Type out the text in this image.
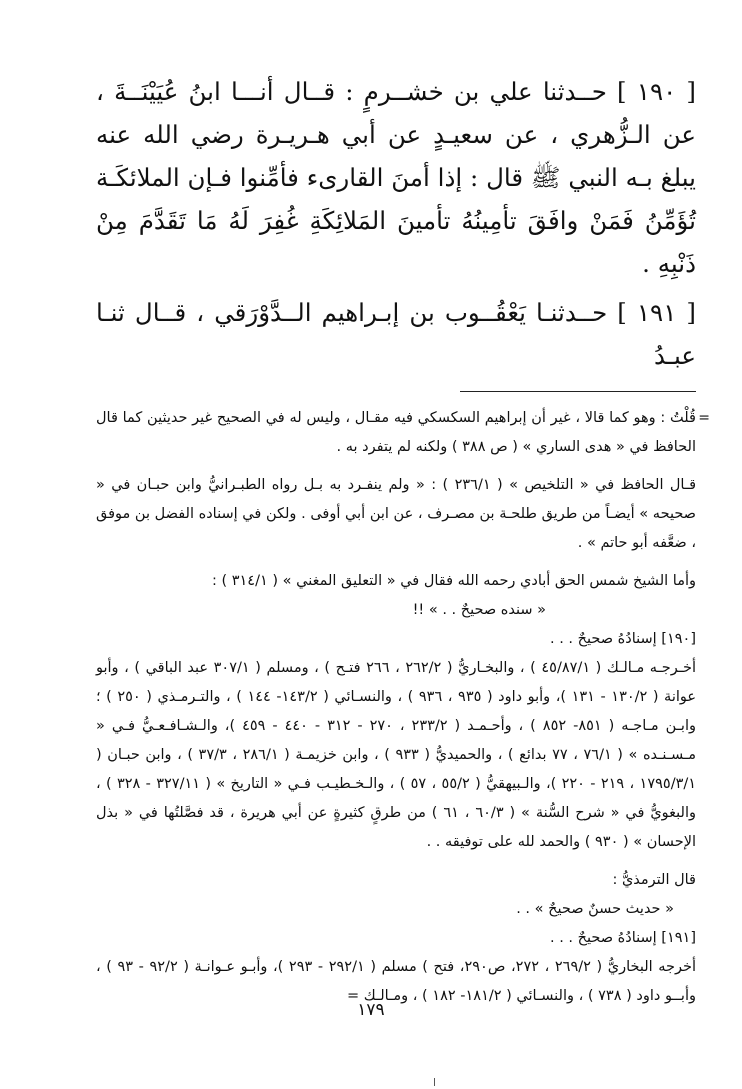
[ ١٩٠ ] حــدثنا علي بن خشــرمٍ : قــال أنـــا ابنُ عُيَيْنَــةَ ، عن الـزُّهري ، عن سعيـدٍ عن أبي هـريـرة رضي الله عنه يبلغ بـه النبي ﷺ قال : إذا أمنَ القارىء فأمِّنوا فـإن الملائكَـة تُؤَمِّنُ فَمَنْ وافَقَ تأمِينُهُ تأمينَ المَلائِكَةِ غُفِرَ لَهُ مَا تَقَدَّمَ مِنْ ذَنْبِهِ .

[ ١٩١ ] حــدثنـا يَعْقُــوب بن إبـراهيم الــدَّوْرَقي ، قــال ثنـا عبـدُ

=
قُلْتُ : وهو كما قالا ، غير أن إبراهيم السكسكي فيه مقـال ، وليس له في الصحيح غير حديثين كما قال الحافظ في « هدى الساري » ( ص ٣٨٨ ) ولكنه لم يتفرد به .

قـال الحافظ في « التلخيص » ( ٢٣٦/١ ) : « ولم ينفـرد به بـل رواه الطبـرانيُّ وابن حبـان في « صحيحه » أيضـاً من طريق طلحـة بن مصـرف ، عن ابن أبي أوفى . ولكن في إسناده الفضل بن موفق ، ضعَّفه أبو حاتم » .

وأما الشيخ شمس الحق أبادي رحمه الله فقال في « التعليق المغني » ( ٣١٤/١ ) :

« سنده صحيحٌ . . » !!

[١٩٠] إسنادُهُ صحيحٌ . . .

أخـرجـه مـالـك ( ٤٥/٨٧/١ ) ، والبخـاريُّ ( ٢٦٢/٢ ، ٢٦٦ فتـح ) ، ومسلم ( ٣٠٧/١ عبد الباقي ) ، وأبو عوانة ( ١٣٠/٢ - ١٣١ )، وأبو داود ( ٩٣٥ ، ٩٣٦ ) ، والنسـائي ( ١٤٣/٢- ١٤٤ ) ، والتـرمـذي ( ٢٥٠ ) ؛ وابـن مـاجـه ( ٨٥١- ٨٥٢ ) ، وأحـمـد ( ٢٣٣/٢ ، ٢٧٠ - ٣١٢ - ٤٤٠ - ٤٥٩ )، والـشـافـعـيُّ فـي « مـسـنـده » ( ٧٦/١ ، ٧٧ بدائع ) ، والحميديُّ ( ٩٣٣ ) ، وابن خزيمـة ( ٢٨٦/١ ، ٣٧/٣ ) ، وابن حبـان ( ١٧٩٥/٣/١ ، ٢١٩ - ٢٢٠ )، والـبيهقيُّ ( ٥٥/٢ ، ٥٧ ) ، والـخـطيـب فـي « التاريخ » ( ٣٢٧/١١ - ٣٢٨ ) ، والبغويُّ في « شرح السُّنة » ( ٦٠/٣ ، ٦١ ) من طرقٍ كثيرةٍ عن أبي هريرة ، قد فصَّلتُها في « بذل الإحسان » ( ٩٣٠ ) والحمد لله على توفيقه . .

قال الترمذيُّ :

« حديث حسنٌ صحيحٌ » . .

[١٩١] إسنادُهُ صحيحٌ . . .

أخرجه البخاريُّ ( ٢٦٩/٢ ، ٢٧٢، ص٢٩٠، فتح ) مسلم ( ٢٩٢/١ - ٢٩٣ )، وأبـو عـوانـة ( ٩٢/٢ - ٩٣ ) ، وأبــو داود ( ٧٣٨ ) ، والنسـائي ( ١٨١/٢- ١٨٢ ) ، ومـالـك =

١٧٩
